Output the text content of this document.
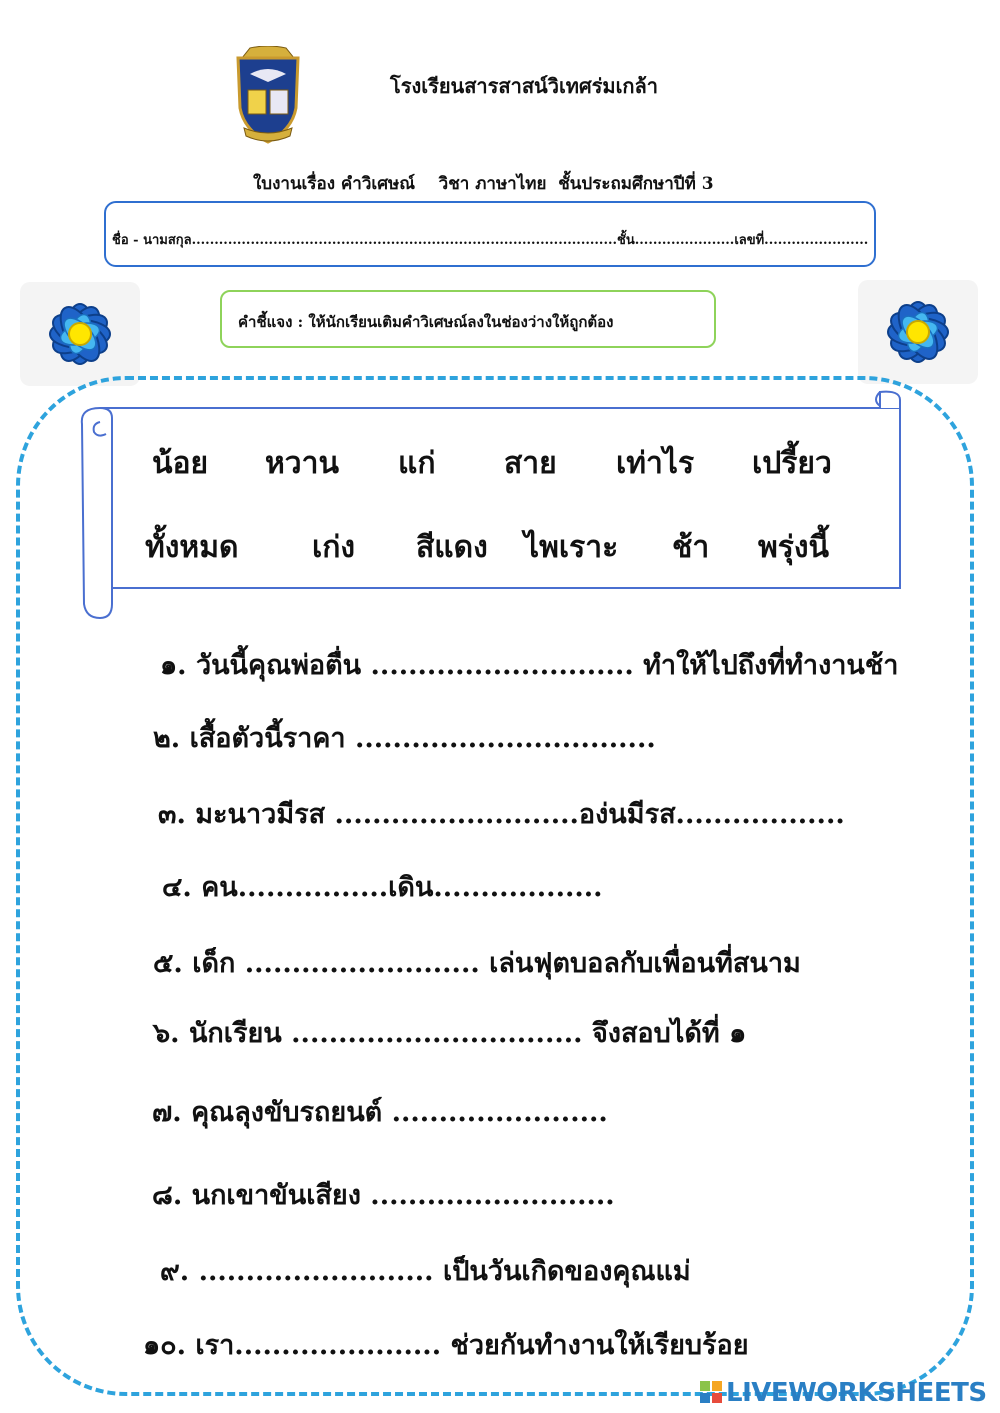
โรงเรียนสารสาสน์วิเทศร่มเกล้า
ใบงานเรื่อง คำวิเศษณ์    วิชา ภาษาไทย  ชั้นประถมศึกษาปีที่ 3
ชื่อ - นามสกุล..............................................................................................ชั้น......................เลขที่.......................
คำชี้แจง : ให้นักเรียนเติมคำวิเศษณ์ลงในช่องว่างให้ถูกต้อง
น้อย หวาน แก่ สาย เท่าไร เปรี้ยว
ทั้งหมด เก่ง สีแดง ไพเราะ ช้า พรุ่งนี้
๑. วันนี้คุณพ่อตื่น ............................ ทำให้ไปถึงที่ทำงานช้า
๒. เสื้อตัวนี้ราคา ................................
๓. มะนาวมีรส ..........................อง่นมีรส..................
๔. คน................เดิน..................
๕. เด็ก ......................... เล่นฟุตบอลกับเพื่อนที่สนาม
๖. นักเรียน ............................... จึงสอบได้ที่ ๑
๗. คุณลุงขับรถยนต์ .......................
๘. นกเขาขันเสียง ..........................
๙. ......................... เป็นวันเกิดของคุณแม่
๑๐. เรา...................... ช่วยกันทำงานให้เรียบร้อย
LIVEWORKSHEETS
